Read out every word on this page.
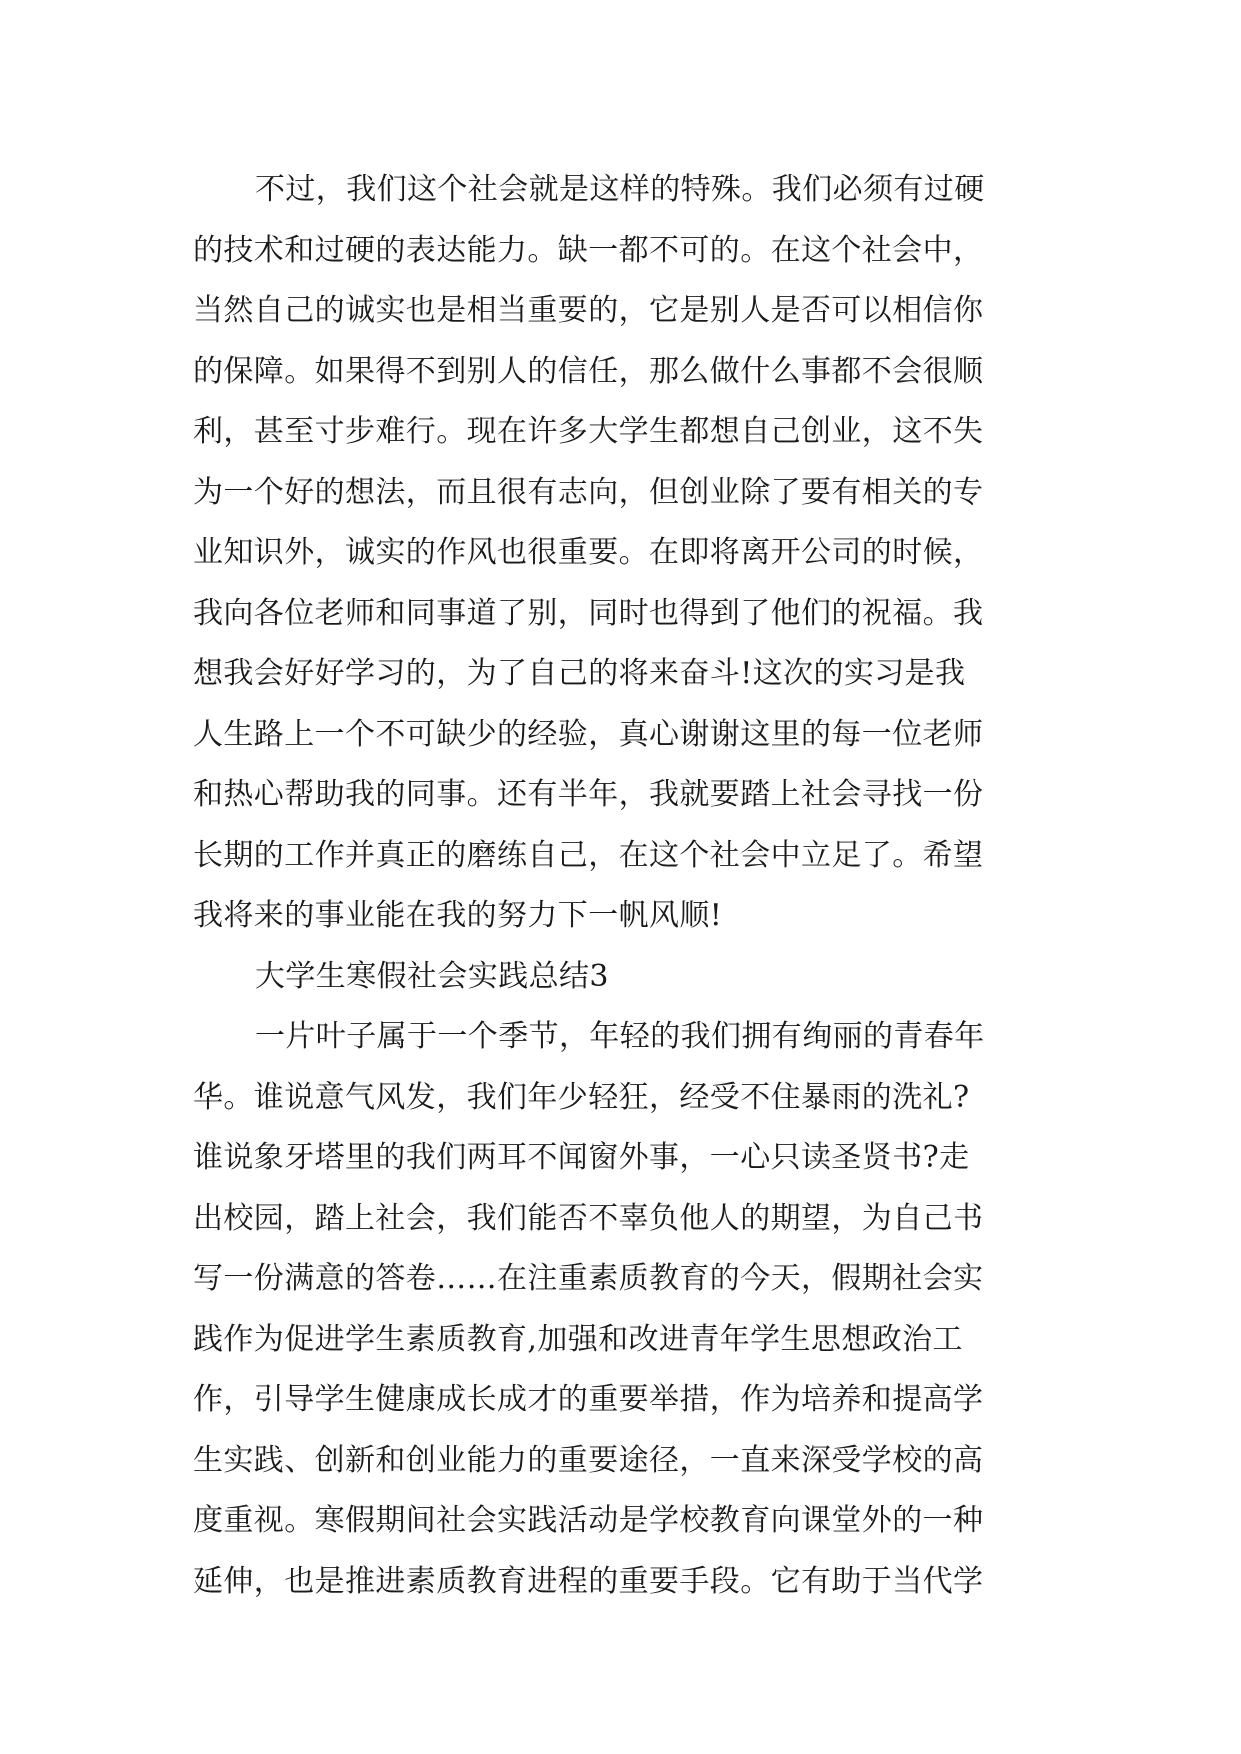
不过，我们这个社会就是这样的特殊。我们必须有过硬
的技术和过硬的表达能力。缺一都不可的。在这个社会中，
当然自己的诚实也是相当重要的，它是别人是否可以相信你
的保障。如果得不到别人的信任，那么做什么事都不会很顺
利，甚至寸步难行。现在许多大学生都想自己创业，这不失
为一个好的想法，而且很有志向，但创业除了要有相关的专
业知识外，诚实的作风也很重要。在即将离开公司的时候，
我向各位老师和同事道了别，同时也得到了他们的祝福。我
想我会好好学习的，为了自己的将来奋斗!这次的实习是我
人生路上一个不可缺少的经验，真心谢谢这里的每一位老师
和热心帮助我的同事。还有半年，我就要踏上社会寻找一份
长期的工作并真正的磨练自己，在这个社会中立足了。希望
我将来的事业能在我的努力下一帆风顺!
大学生寒假社会实践总结3
一片叶子属于一个季节，年轻的我们拥有绚丽的青春年
华。谁说意气风发，我们年少轻狂，经受不住暴雨的洗礼?
谁说象牙塔里的我们两耳不闻窗外事，一心只读圣贤书?走
出校园，踏上社会，我们能否不辜负他人的期望，为自己书
写一份满意的答卷……在注重素质教育的今天，假期社会实
践作为促进学生素质教育,加强和改进青年学生思想政治工
作，引导学生健康成长成才的重要举措，作为培养和提高学
生实践、创新和创业能力的重要途径，一直来深受学校的高
度重视。寒假期间社会实践活动是学校教育向课堂外的一种
延伸，也是推进素质教育进程的重要手段。它有助于当代学
